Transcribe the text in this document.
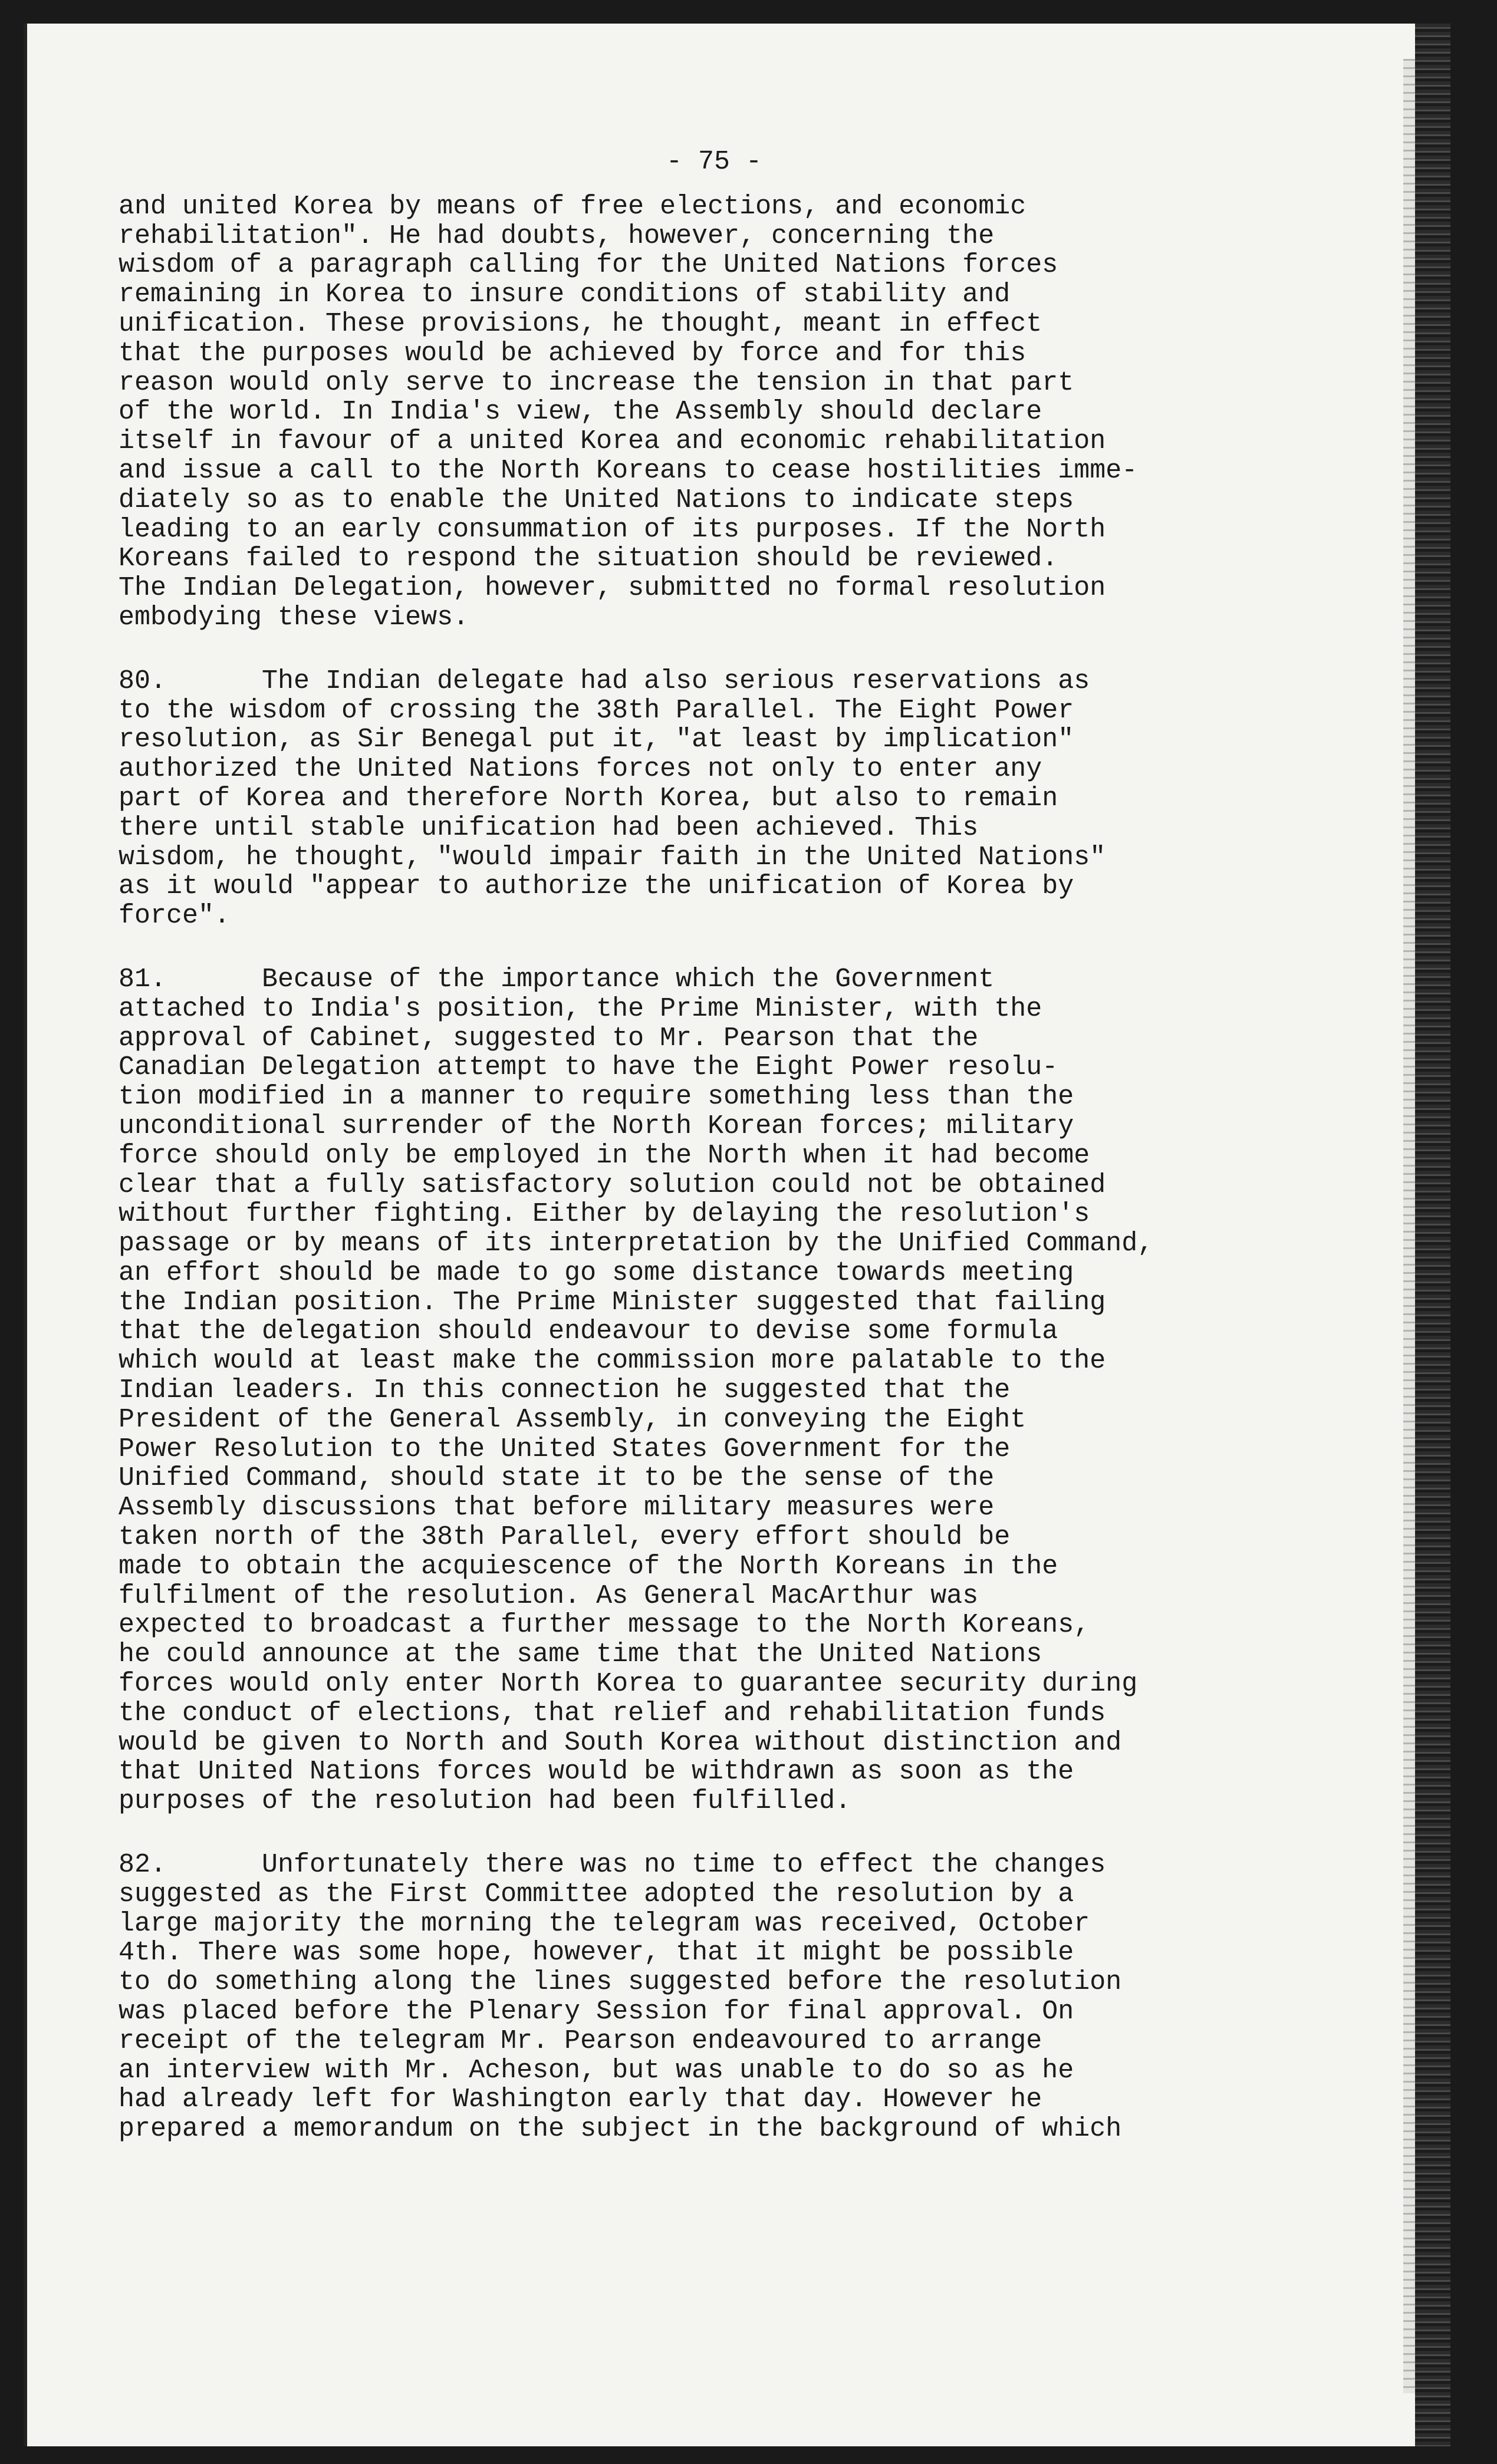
- 75 -
and united Korea by means of free elections, and economic
rehabilitation". He had doubts, however, concerning the
wisdom of a paragraph calling for the United Nations forces
remaining in Korea to insure conditions of stability and
unification. These provisions, he thought, meant in effect
that the purposes would be achieved by force and for this
reason would only serve to increase the tension in that part
of the world. In India's view, the Assembly should declare
itself in favour of a united Korea and economic rehabilitation
and issue a call to the North Koreans to cease hostilities imme-
diately so as to enable the United Nations to indicate steps
leading to an early consummation of its purposes. If the North
Koreans failed to respond the situation should be reviewed.
The Indian Delegation, however, submitted no formal resolution
embodying these views.
80.      The Indian delegate had also serious reservations as
to the wisdom of crossing the 38th Parallel. The Eight Power
resolution, as Sir Benegal put it, "at least by implication"
authorized the United Nations forces not only to enter any
part of Korea and therefore North Korea, but also to remain
there until stable unification had been achieved. This
wisdom, he thought, "would impair faith in the United Nations"
as it would "appear to authorize the unification of Korea by
force".
81.      Because of the importance which the Government
attached to India's position, the Prime Minister, with the
approval of Cabinet, suggested to Mr. Pearson that the
Canadian Delegation attempt to have the Eight Power resolu-
tion modified in a manner to require something less than the
unconditional surrender of the North Korean forces; military
force should only be employed in the North when it had become
clear that a fully satisfactory solution could not be obtained
without further fighting. Either by delaying the resolution's
passage or by means of its interpretation by the Unified Command,
an effort should be made to go some distance towards meeting
the Indian position. The Prime Minister suggested that failing
that the delegation should endeavour to devise some formula
which would at least make the commission more palatable to the
Indian leaders. In this connection he suggested that the
President of the General Assembly, in conveying the Eight
Power Resolution to the United States Government for the
Unified Command, should state it to be the sense of the
Assembly discussions that before military measures were
taken north of the 38th Parallel, every effort should be
made to obtain the acquiescence of the North Koreans in the
fulfilment of the resolution. As General MacArthur was
expected to broadcast a further message to the North Koreans,
he could announce at the same time that the United Nations
forces would only enter North Korea to guarantee security during
the conduct of elections, that relief and rehabilitation funds
would be given to North and South Korea without distinction and
that United Nations forces would be withdrawn as soon as the
purposes of the resolution had been fulfilled.
82.      Unfortunately there was no time to effect the changes
suggested as the First Committee adopted the resolution by a
large majority the morning the telegram was received, October
4th. There was some hope, however, that it might be possible
to do something along the lines suggested before the resolution
was placed before the Plenary Session for final approval. On
receipt of the telegram Mr. Pearson endeavoured to arrange
an interview with Mr. Acheson, but was unable to do so as he
had already left for Washington early that day. However he
prepared a memorandum on the subject in the background of which
